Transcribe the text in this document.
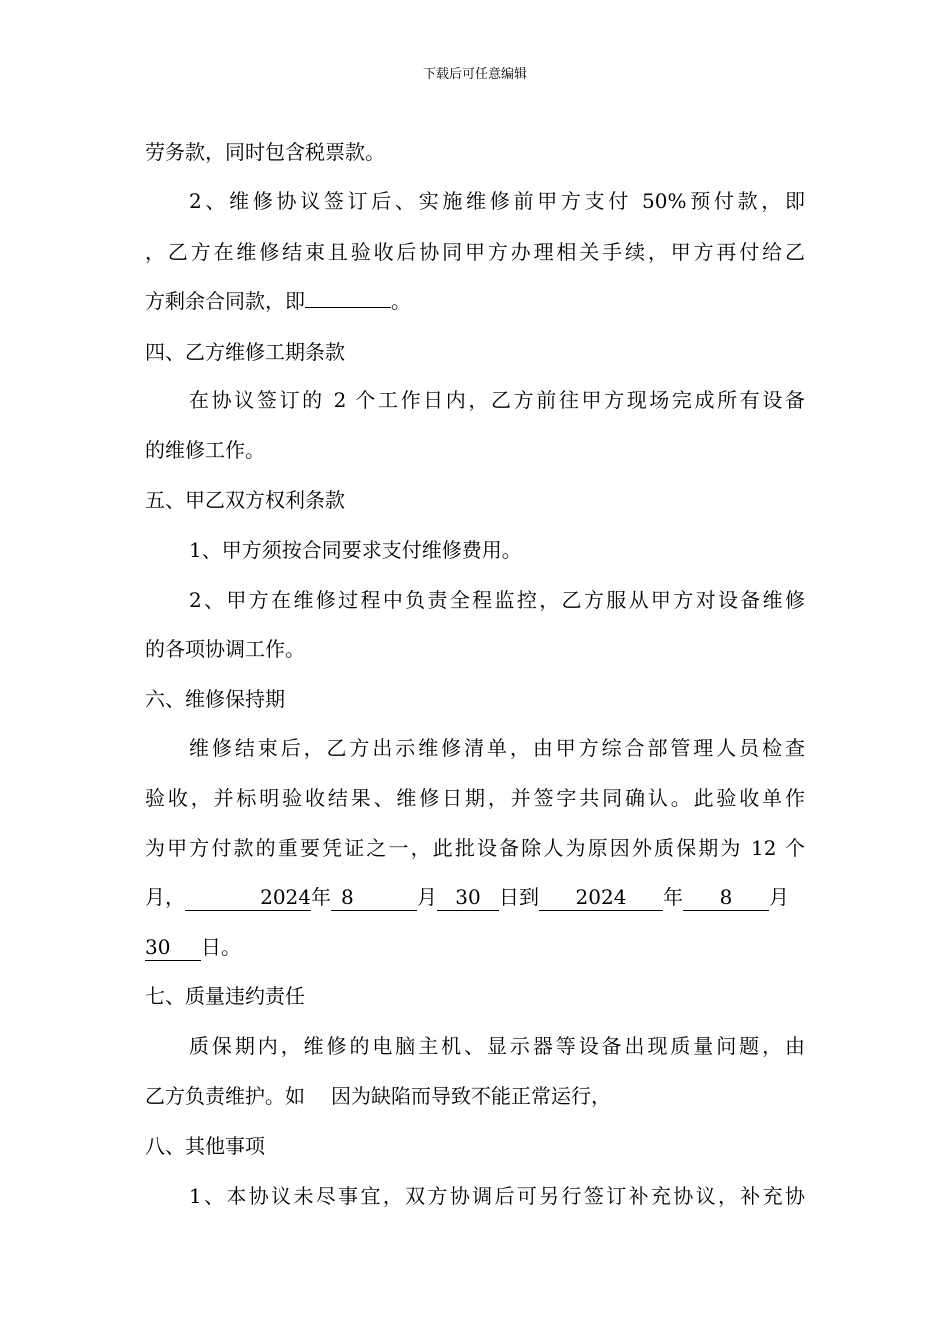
下载后可任意编辑
劳务款，同时包含税票款。
2、维修协议签订后、实施维修前甲方支付 50%预付款，即
，乙方在维修结束且验收后协同甲方办理相关手续，甲方再付给乙
方剩余合同款，即	。
四、乙方维修工期条款
在协议签订的 2 个工作日内，乙方前往甲方现场完成所有设备
的维修工作。
五、甲乙双方权利条款
1、甲方须按合同要求支付维修费用。
2、甲方在维修过程中负责全程监控，乙方服从甲方对设备维修
的各项协调工作。
六、维修保持期
维修结束后，乙方出示维修清单，由甲方综合部管理人员检查
验收，并标明验收结果、维修日期，并签字共同确认。此验收单作
为甲方付款的重要凭证之一，此批设备除人为原因外质保期为 12 个
月，	2024年 8	月 30 日到 2024 年 8 月
30 日。
七、质量违约责任
质保期内，维修的电脑主机、显示器等设备出现质量问题，由
乙方负责维护。如 因为缺陷而导致不能正常运行，
八、其他事项
1、本协议未尽事宜，双方协调后可另行签订补充协议，补充协
